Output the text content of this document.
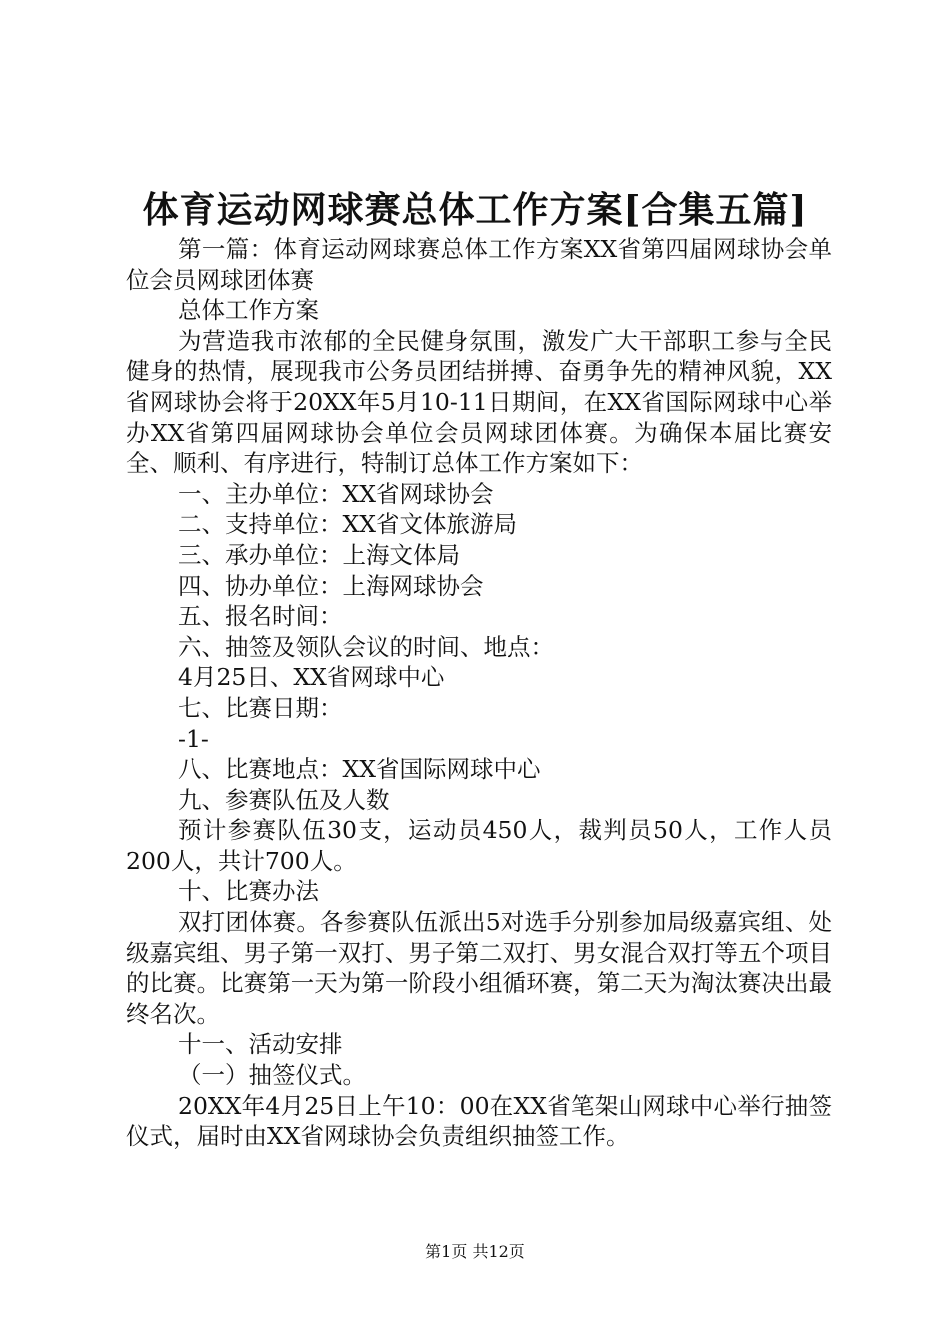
体育运动网球赛总体工作方案[合集五篇]

第一篇：体育运动网球赛总体工作方案XX省第四届网球协会单位会员网球团体赛

总体工作方案

为营造我市浓郁的全民健身氛围，激发广大干部职工参与全民健身的热情，展现我市公务员团结拼搏、奋勇争先的精神风貌，XX省网球协会将于20XX年5月10-11日期间，在XX省国际网球中心举办XX省第四届网球协会单位会员网球团体赛。为确保本届比赛安全、顺利、有序进行，特制订总体工作方案如下：

一、主办单位：XX省网球协会

二、支持单位：XX省文体旅游局

三、承办单位：上海文体局

四、协办单位：上海网球协会

五、报名时间：

六、抽签及领队会议的时间、地点：

4月25日、XX省网球中心

七、比赛日期：

-1-

八、比赛地点：XX省国际网球中心

九、参赛队伍及人数

预计参赛队伍30支，运动员450人，裁判员50人，工作人员200人，共计700人。

十、比赛办法

双打团体赛。各参赛队伍派出5对选手分别参加局级嘉宾组、处级嘉宾组、男子第一双打、男子第二双打、男女混合双打等五个项目的比赛。比赛第一天为第一阶段小组循环赛，第二天为淘汰赛决出最终名次。

十一、活动安排

（一）抽签仪式。

20XX年4月25日上午10：00在XX省笔架山网球中心举行抽签仪式，届时由XX省网球协会负责组织抽签工作。

第1页 共12页
